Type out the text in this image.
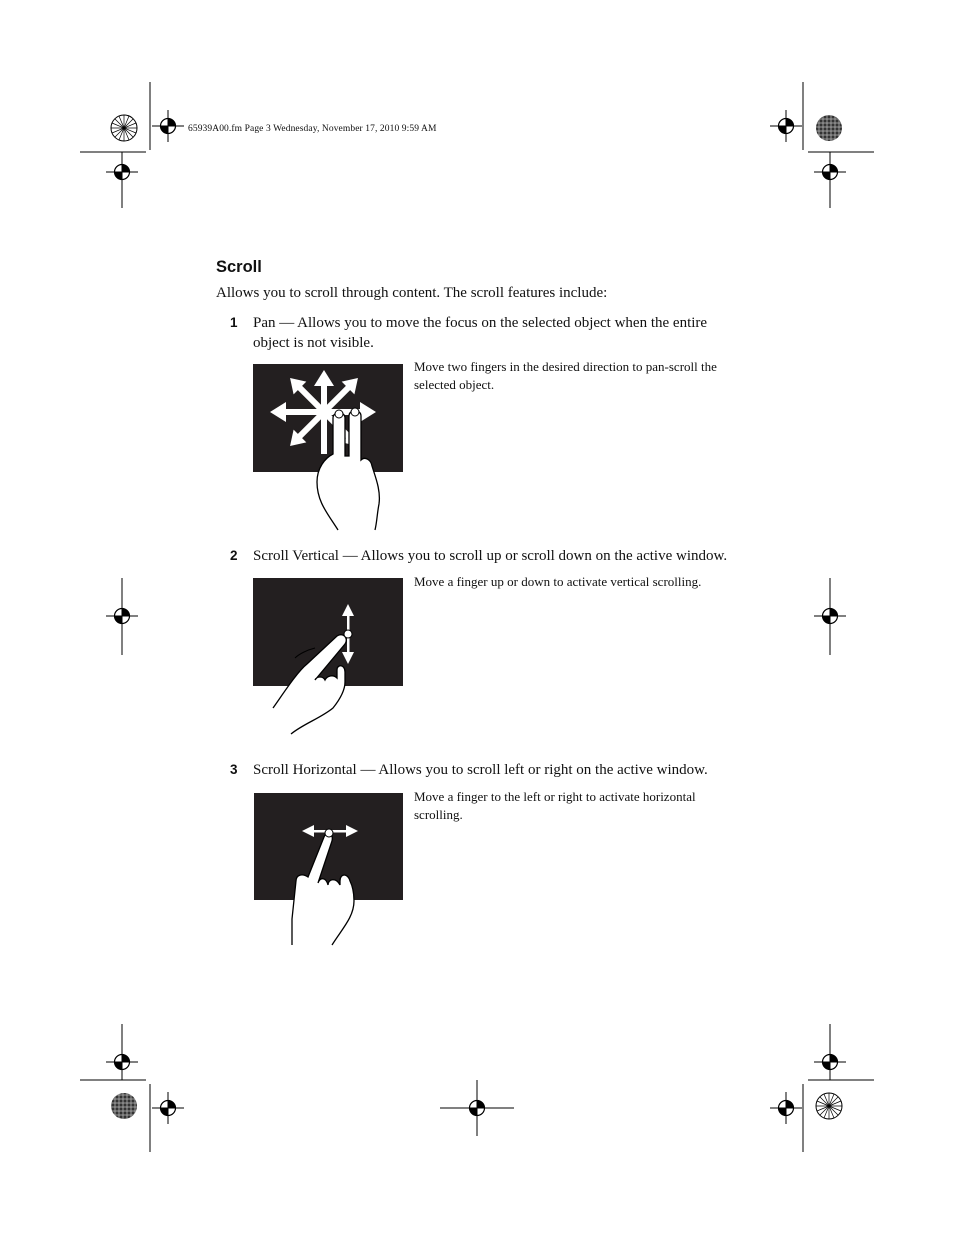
65939A00.fm Page 3 Wednesday, November 17, 2010 9:59 AM
Scroll
Allows you to scroll through content. The scroll features include:
1 Pan — Allows you to move the focus on the selected object when the entire object is not visible.
Move two fingers in the desired direction to pan-scroll the selected object.
2 Scroll Vertical — Allows you to scroll up or scroll down on the active window.
Move a finger up or down to activate vertical scrolling.
3 Scroll Horizontal — Allows you to scroll left or right on the active window.
Move a finger to the left or right to activate horizontal scrolling.
